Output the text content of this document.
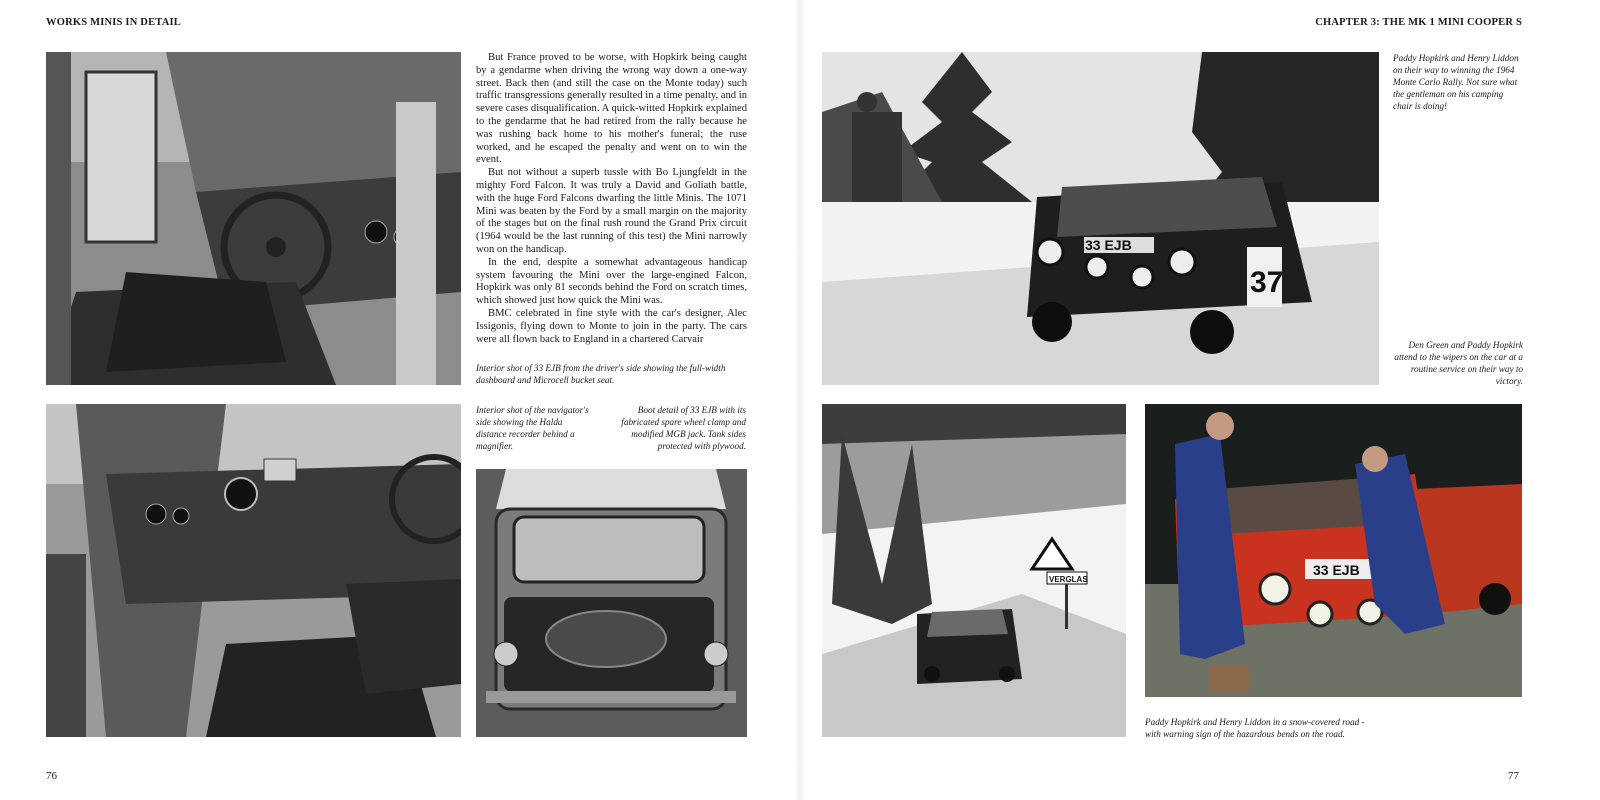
WORKS MINIS IN DETAIL

But France proved to be worse, with Hopkirk being caught by a gendarme when driving the wrong way down a one-way street. Back then (and still the case on the Monte today) such traffic transgressions generally resulted in a time penalty, and in severe cases disqualification. A quick-witted Hopkirk explained to the gendarme that he had retired from the rally because he was rushing back home to his mother's funeral; the ruse worked, and he escaped the penalty and went on to win the event.

But not without a superb tussle with Bo Ljungfeldt in the mighty Ford Falcon. It was truly a David and Goliath battle, with the huge Ford Falcons dwarfing the little Minis. The 1071 Mini was beaten by the Ford by a small margin on the majority of the stages but on the final rush round the Grand Prix circuit (1964 would be the last running of this test) the Mini narrowly won on the handicap.

In the end, despite a somewhat advantageous handicap system favouring the Mini over the large-engined Falcon, Hopkirk was only 81 seconds behind the Ford on scratch times, which showed just how quick the Mini was.

BMC celebrated in fine style with the car's designer, Alec Issigonis, flying down to Monte to join in the party. The cars were all flown back to England in a chartered Carvair

Interior shot of 33 EJB from the driver's side showing the full-width dashboard and Microcell bucket seat.
Interior shot of the navigator's side showing the Halda distance recorder behind a magnifier.
Boot detail of 33 EJB with its fabricated spare wheel clamp and modified MGB jack. Tank sides protected with plywood.
76
CHAPTER 3: THE MK 1 MINI COOPER S
33 EJB
37
Paddy Hopkirk and Henry Liddon on their way to winning the 1964 Monte Carlo Rally. Not sure what the gentleman on his camping chair is doing!
Den Green and Paddy Hopkirk attend to the wipers on the car at a routine service on their way to victory.
VERGLAS
33 EJB
Paddy Hopkirk and Henry Liddon in a snow-covered road - with warning sign of the hazardous bends on the road.
77
